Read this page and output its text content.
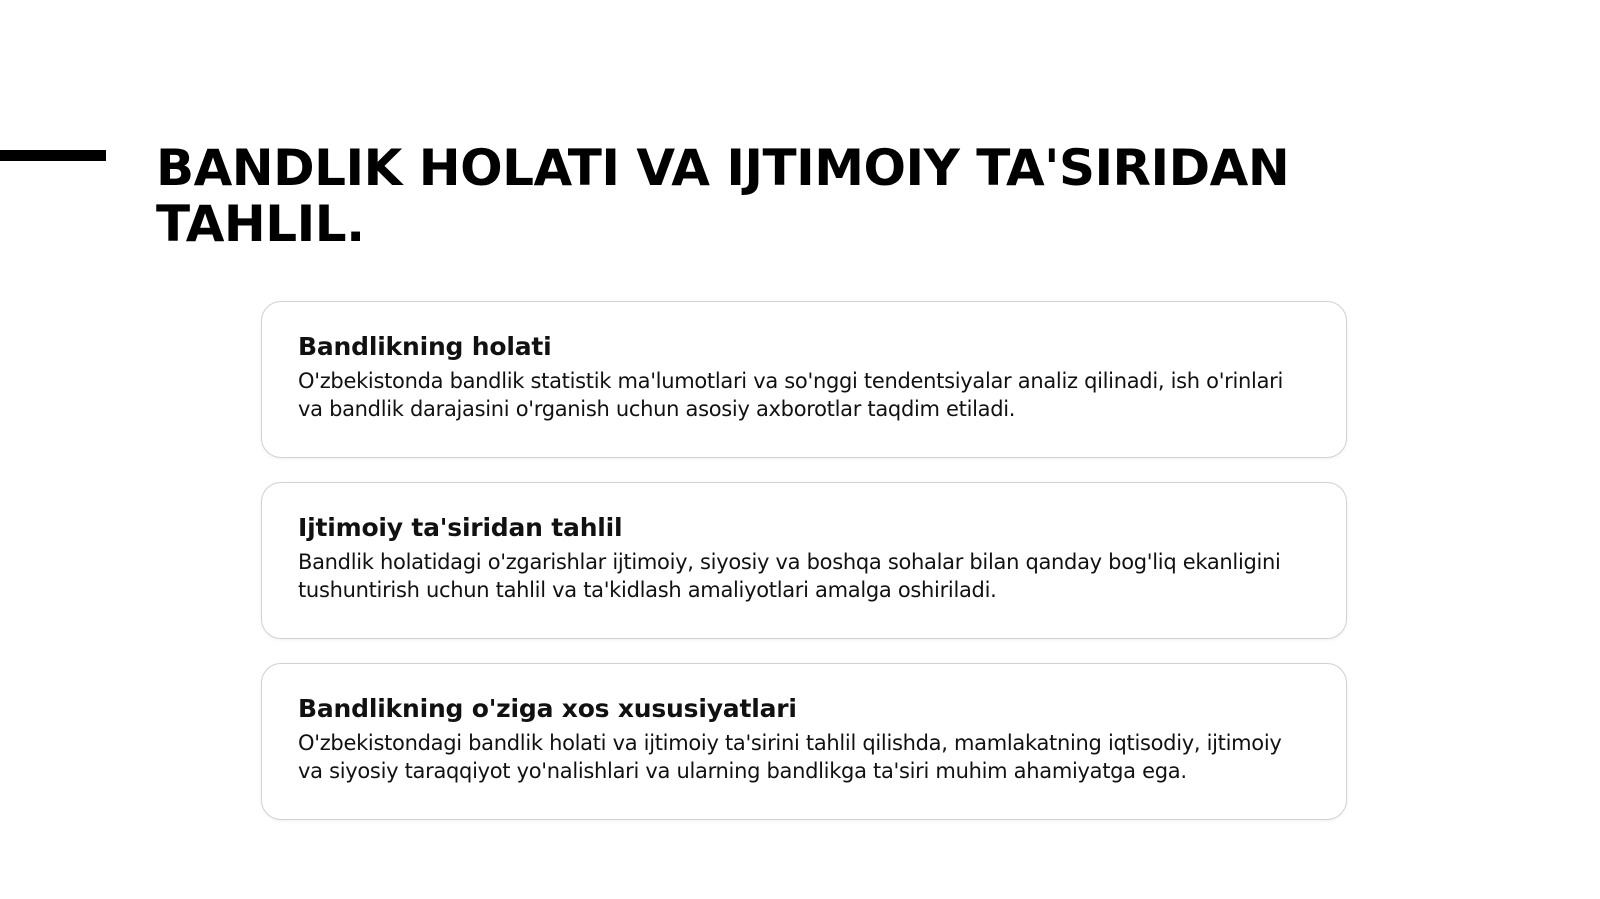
BANDLIK HOLATI VA IJTIMOIY TA'SIRIDAN TAHLIL.
Bandlikning holati

O'zbekistonda bandlik statistik ma'lumotlari va so'nggi tendentsiyalar analiz qilinadi, ish o'rinlari va bandlik darajasini o'rganish uchun asosiy axborotlar taqdim etiladi.

Ijtimoiy ta'siridan tahlil

Bandlik holatidagi o'zgarishlar ijtimoiy, siyosiy va boshqa sohalar bilan qanday bog'liq ekanligini tushuntirish uchun tahlil va ta'kidlash amaliyotlari amalga oshiriladi.

Bandlikning o'ziga xos xususiyatlari

O'zbekistondagi bandlik holati va ijtimoiy ta'sirini tahlil qilishda, mamlakatning iqtisodiy, ijtimoiy va siyosiy taraqqiyot yo'nalishlari va ularning bandlikga ta'siri muhim ahamiyatga ega.
